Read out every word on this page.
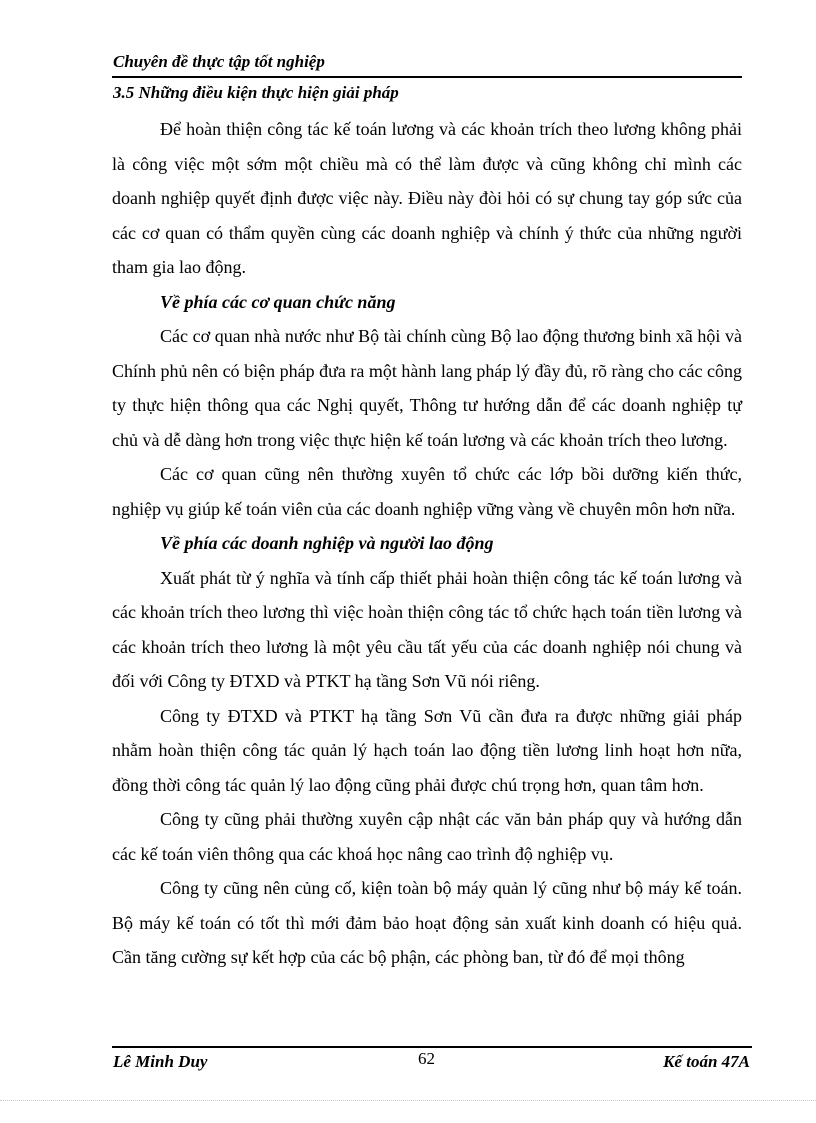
Chuyên đề thực tập tốt nghiệp
3.5 Những điều kiện thực hiện giải pháp

Để hoàn thiện công tác kế toán lương và các khoản trích theo lương không phải là công việc một sớm một chiều mà có thể làm được và cũng không chỉ mình các doanh nghiệp quyết định được việc này. Điều này đòi hỏi có sự chung tay góp sức của các cơ quan có thẩm quyền cùng các doanh nghiệp và chính ý thức của những người tham gia lao động.

Về phía các cơ quan chức năng

Các cơ quan nhà nước như Bộ tài chính cùng Bộ lao động thương binh xã hội và Chính phủ nên có biện pháp đưa ra một hành lang pháp lý đầy đủ, rõ ràng cho các công ty thực hiện thông qua các Nghị quyết, Thông tư hướng dẫn để các doanh nghiệp tự chủ và dễ dàng hơn trong việc thực hiện kế toán lương và các khoản trích theo lương.

Các cơ quan cũng nên thường xuyên tổ chức các lớp bồi dưỡng kiến thức, nghiệp vụ giúp kế toán viên của các doanh nghiệp vững vàng về chuyên môn hơn nữa.

Về phía các doanh nghiệp và người lao động

Xuất phát từ ý nghĩa và tính cấp thiết phải hoàn thiện công tác kế toán lương và các khoản trích theo lương thì việc hoàn thiện công tác tổ chức hạch toán tiền lương và các khoản trích theo lương là một yêu cầu tất yếu của các doanh nghiệp nói chung và đối với Công ty ĐTXD và PTKT hạ tầng Sơn Vũ nói riêng.

Công ty ĐTXD và PTKT hạ tầng Sơn Vũ cần đưa ra được những giải pháp nhằm hoàn thiện công tác quản lý hạch toán lao động tiền lương linh hoạt hơn nữa, đồng thời công tác quản lý lao động cũng phải được chú trọng hơn, quan tâm hơn.

Công ty cũng phải thường xuyên cập nhật các văn bản pháp quy và hướng dẫn các kế toán viên thông qua các khoá học nâng cao trình độ nghiệp vụ.

Công ty cũng nên củng cố, kiện toàn bộ máy quản lý cũng như bộ máy kế toán. Bộ máy kế toán có tốt thì mới đảm bảo hoạt động sản xuất kinh doanh có hiệu quả. Cần tăng cường sự kết hợp của các bộ phận, các phòng ban, từ đó để mọi thông

Lê Minh Duy	62	Kế toán 47A
